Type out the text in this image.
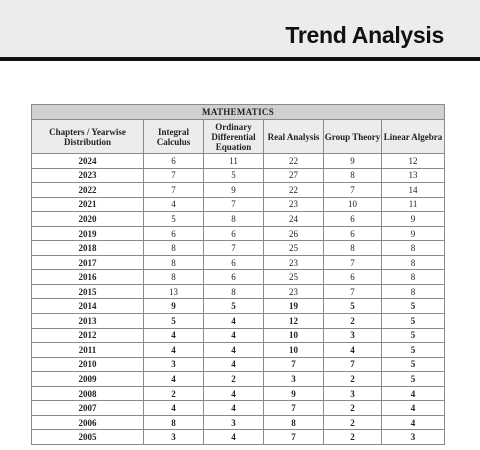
Trend Analysis
MATHEMATICS					
Chapters / Yearwise Distribution	Integral Calculus	Ordinary Differential Equation	Real Analysis	Group Theory	Linear Algebra
2024	6	11	22	9	12
2023	7	5	27	8	13
2022	7	9	22	7	14
2021	4	7	23	10	11
2020	5	8	24	6	9
2019	6	6	26	6	9
2018	8	7	25	8	8
2017	8	6	23	7	8
2016	8	6	25	6	8
2015	13	8	23	7	8
2014	9	5	19	5	5
2013	5	4	12	2	5
2012	4	4	10	3	5
2011	4	4	10	4	5
2010	3	4	7	7	5
2009	4	2	3	2	5
2008	2	4	9	3	4
2007	4	4	7	2	4
2006	8	3	8	2	4
2005	3	4	7	2	3
